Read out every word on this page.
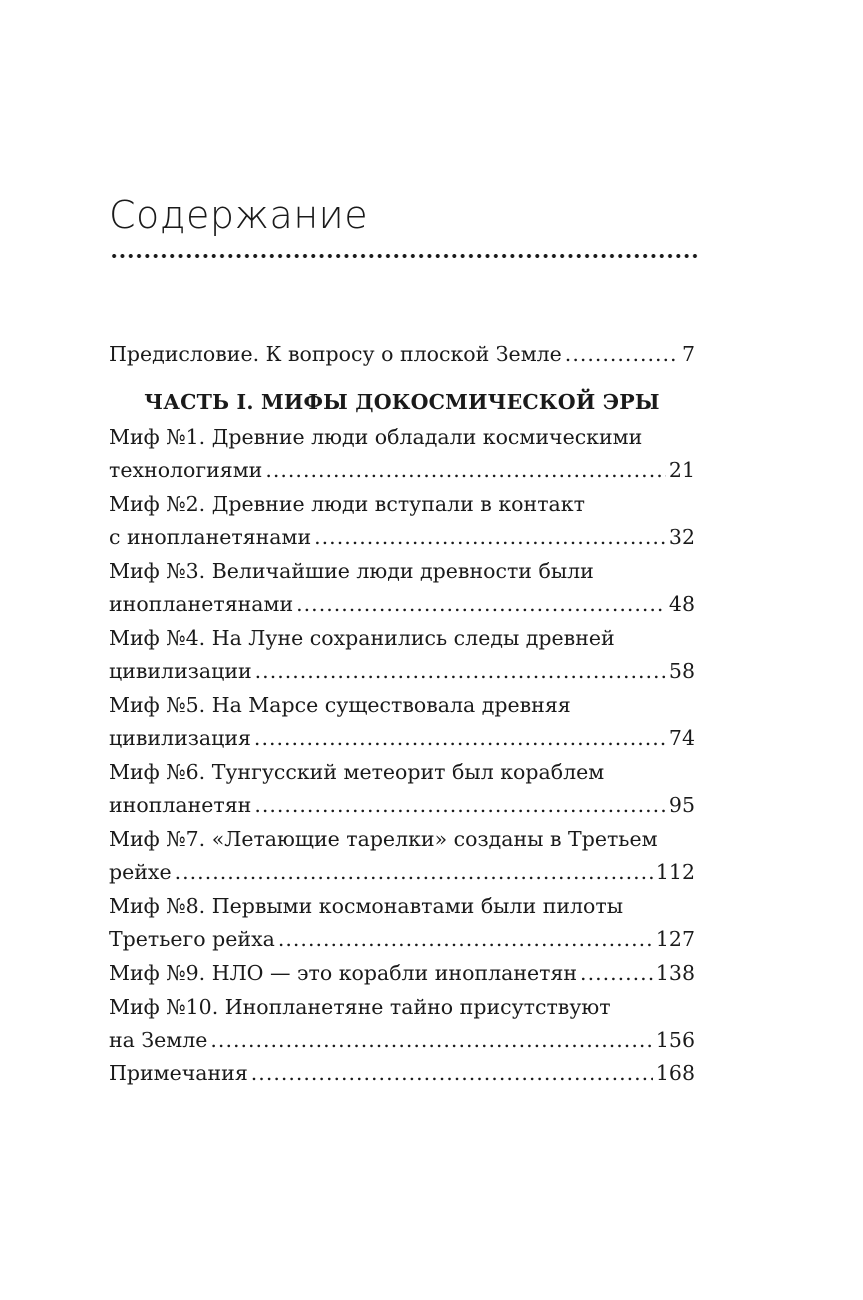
Содержание
Предисловие. К вопросу о плоской Земле .....	7
ЧАСТЬ I. МИФЫ ДОКОСМИЧЕСКОЙ ЭРЫ
Миф №1. Древние люди обладали космическими
технологиями .....	21
Миф №2. Древние люди вступали в контакт
с инопланетянами .....	32
Миф №3. Величайшие люди древности были
инопланетянами .....	48
Миф №4. На Луне сохранились следы древней
цивилизации .....	58
Миф №5. На Марсе существовала древняя
цивилизация .....	74
Миф №6. Тунгусский метеорит был кораблем
инопланетян .....	95
Миф №7. «Летающие тарелки» созданы в Третьем
рейхе .....	112
Миф №8. Первыми космонавтами были пилоты
Третьего рейха .....	127
Миф №9. НЛО — это корабли инопланетян .....	138
Миф №10. Инопланетяне тайно присутствуют
на Земле .....	156
Примечания .....	168
